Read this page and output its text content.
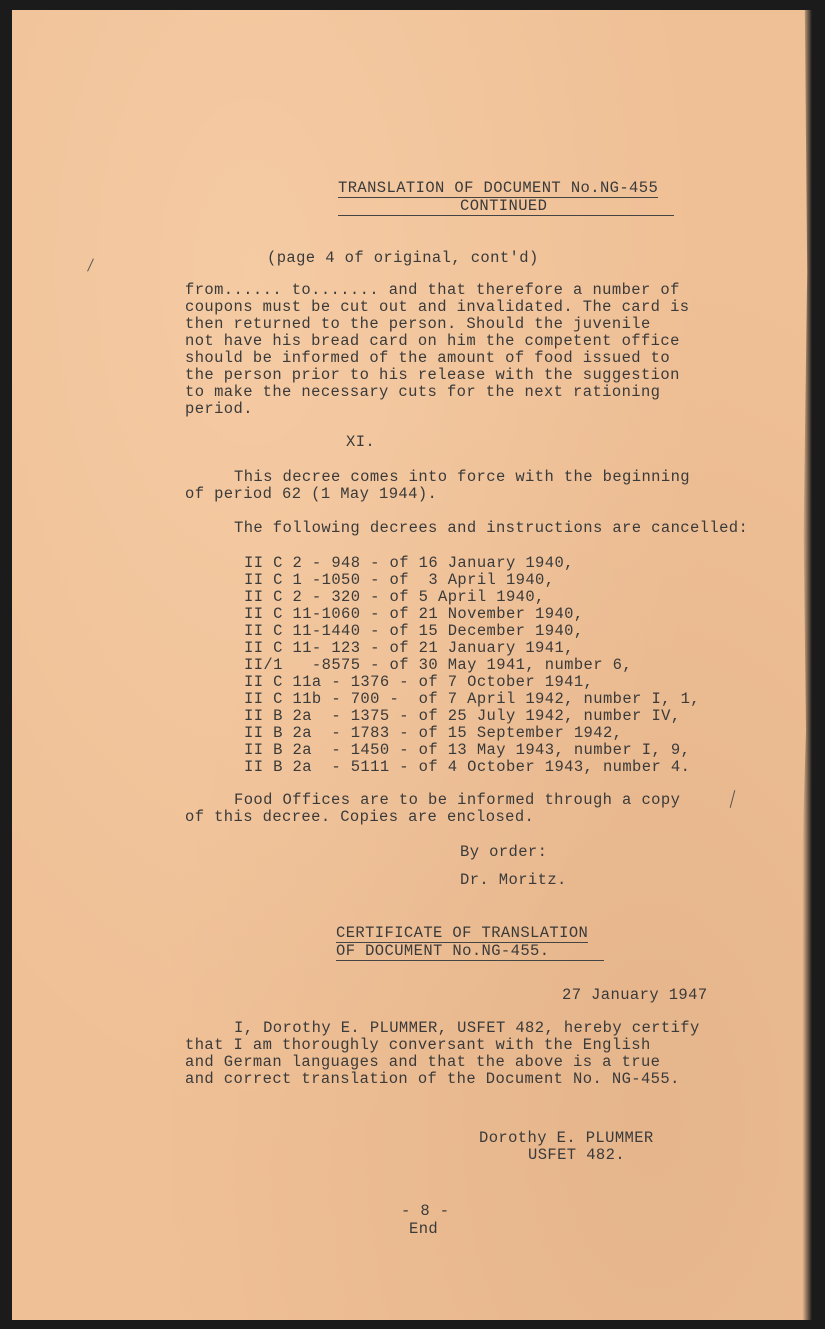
TRANSLATION OF DOCUMENT No.NG-455
CONTINUED
(page 4 of original, cont'd)
from...... to....... and that therefore a number of
coupons must be cut out and invalidated. The card is
then returned to the person. Should the juvenile
not have his bread card on him the competent office
should be informed of the amount of food issued to
the person prior to his release with the suggestion
to make the necessary cuts for the next rationing
period.
XI.
This decree comes into force with the beginning
of period 62 (1 May 1944).
The following decrees and instructions are cancelled:
II C 2 - 948 - of 16 January 1940,
II C 1 -1050 - of  3 April 1940,
II C 2 - 320 - of 5 April 1940,
II C 11-1060 - of 21 November 1940,
II C 11-1440 - of 15 December 1940,
II C 11- 123 - of 21 January 1941,
II/1   -8575 - of 30 May 1941, number 6,
II C 11a - 1376 - of 7 October 1941,
II C 11b - 700 -  of 7 April 1942, number I, 1,
II B 2a  - 1375 - of 25 July 1942, number IV,
II B 2a  - 1783 - of 15 September 1942,
II B 2a  - 1450 - of 13 May 1943, number I, 9,
II B 2a  - 5111 - of 4 October 1943, number 4.
Food Offices are to be informed through a copy
of this decree. Copies are enclosed.
By order:
Dr. Moritz.
CERTIFICATE OF TRANSLATION
OF DOCUMENT No.NG-455.
27 January 1947
I, Dorothy E. PLUMMER, USFET 482, hereby certify
that I am thoroughly conversant with the English
and German languages and that the above is a true
and correct translation of the Document No. NG-455.
Dorothy E. PLUMMER
USFET 482.
- 8 -
End
